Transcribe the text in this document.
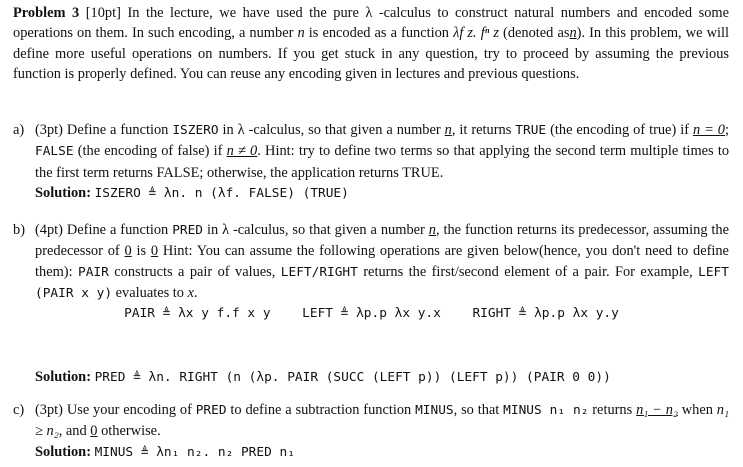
Problem 3 [10pt] In the lecture, we have used the pure λ -calculus to construct natural numbers and encoded some operations on them. In such encoding, a number n is encoded as a function λf z. fⁿ z (denoted asn). In this problem, we will define more useful operations on numbers. If you get stuck in any question, try to proceed by assuming the previous function is properly defined. You can reuse any encoding given in lectures and previous questions.
a) (3pt) Define a function ISZERO in λ -calculus, so that given a number n, it returns TRUE (the encoding of true) if n = 0; FALSE (the encoding of false) if n ≠ 0. Hint: try to define two terms so that applying the second term multiple times to the first term returns FALSE; otherwise, the application returns TRUE.
Solution: ISZERO ≜ λn. n (λf. FALSE) (TRUE)
b) (4pt) Define a function PRED in λ -calculus, so that given a number n, the function returns its predecessor, assuming the predecessor of 0 is 0 Hint: You can assume the following operations are given below(hence, you don't need to define them): PAIR constructs a pair of values, LEFT/RIGHT returns the first/second element of a pair. For example, LEFT (PAIR x y) evaluates to x.
PAIR ≜ λx y f.f x y LEFT ≜ λp.p λx y.x RIGHT ≜ λp.p λx y.y
Solution: PRED ≜ λn. RIGHT (n (λp. PAIR (SUCC (LEFT p)) (LEFT p)) (PAIR 0 0))
c) (3pt) Use your encoding of PRED to define a subtraction function MINUS, so that MINUS n₁ n₂ returns n₁ − n₂ when n₁ ≥ n₂, and 0 otherwise.
Solution: MINUS ≜ λn₁ n₂. n₂ PRED n₁
